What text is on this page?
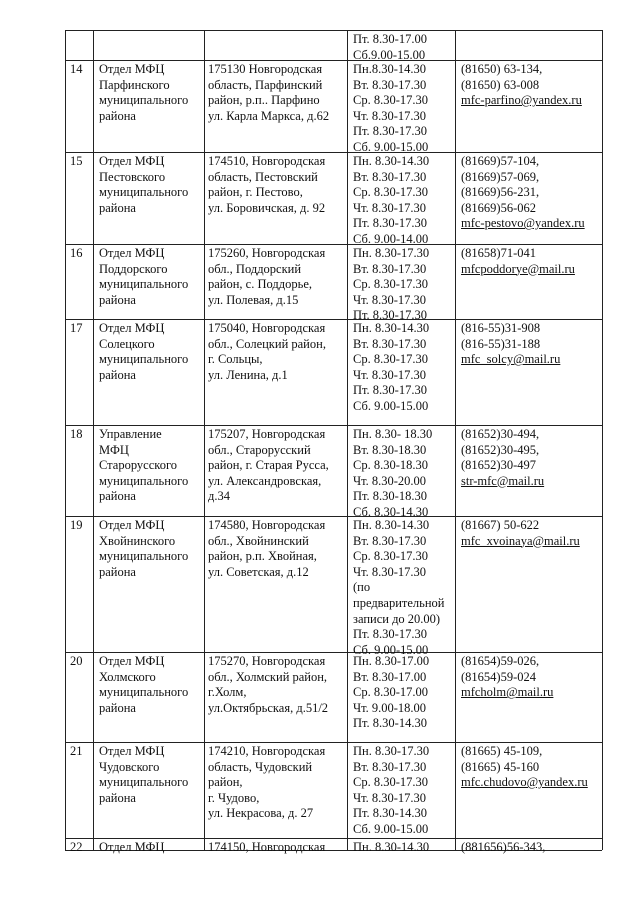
Пт. 8.30-17.00
Сб.9.00-15.00
14 Отдел МФЦ
Парфинского
муниципального
района
175130 Новгородская
область, Парфинский
район, р.п.. Парфино
ул. Карла Маркса, д.62
Пн.8.30-14.30
Вт. 8.30-17.30
Ср. 8.30-17.30
Чт. 8.30-17.30
Пт. 8.30-17.30
Сб. 9.00-15.00
(81650) 63-134,
(81650) 63-008
mfc-parfino@yandex.ru
15 Отдел МФЦ
Пестовского
муниципального
района
174510, Новгородская
область, Пестовский
район, г. Пестово,
ул. Боровичская, д. 92
Пн. 8.30-14.30
Вт. 8.30-17.30
Ср. 8.30-17.30
Чт. 8.30-17.30
Пт. 8.30-17.30
Сб. 9.00-14.00
(81669)57-104,
(81669)57-069,
(81669)56-231,
(81669)56-062
mfc-pestovo@yandex.ru
16 Отдел МФЦ
Поддорского
муниципального
района
175260, Новгородская
обл., Поддорский
район, с. Поддорье,
ул. Полевая, д.15
Пн. 8.30-17.30
Вт. 8.30-17.30
Ср. 8.30-17.30
Чт. 8.30-17.30
Пт. 8.30-17.30
(81658)71-041
mfcpoddorye@mail.ru
17 Отдел МФЦ
Солецкого
муниципального
района
175040, Новгородская
обл., Солецкий район,
г. Сольцы,
ул. Ленина, д.1
Пн. 8.30-14.30
Вт. 8.30-17.30
Ср. 8.30-17.30
Чт. 8.30-17.30
Пт. 8.30-17.30
Сб. 9.00-15.00
(816-55)31-908
(816-55)31-188
mfc_solcy@mail.ru
18 Управление
МФЦ
Старорусского
муниципального
района
175207, Новгородская
обл., Старорусский
район, г. Старая Русса,
ул. Александровская,
д.34
Пн. 8.30- 18.30
Вт. 8.30-18.30
Ср. 8.30-18.30
Чт. 8.30-20.00
Пт. 8.30-18.30
Сб. 8.30-14.30
(81652)30-494,
(81652)30-495,
(81652)30-497
str-mfc@mail.ru
19 Отдел МФЦ
Хвойнинского
муниципального
района
174580, Новгородская
обл., Хвойнинский
район, р.п. Хвойная,
ул. Советская, д.12
Пн. 8.30-14.30
Вт. 8.30-17.30
Ср. 8.30-17.30
Чт. 8.30-17.30
(по
предварительной
записи до 20.00)
Пт. 8.30-17.30
Сб. 9.00-15.00
(81667) 50-622
mfc_xvoinaya@mail.ru
20 Отдел МФЦ
Холмского
муниципального
района
175270, Новгородская
обл., Холмский район,
г.Холм,
ул.Октябрьская, д.51/2
Пн. 8.30-17.00
Вт. 8.30-17.00
Ср. 8.30-17.00
Чт. 9.00-18.00
Пт. 8.30-14.30
(81654)59-026,
(81654)59-024
mfcholm@mail.ru
21 Отдел МФЦ
Чудовского
муниципального
района
174210, Новгородская
область, Чудовский
район,
г. Чудово,
ул. Некрасова, д. 27
Пн. 8.30-17.30
Вт. 8.30-17.30
Ср. 8.30-17.30
Чт. 8.30-17.30
Пт. 8.30-14.30
Сб. 9.00-15.00
(81665) 45-109,
(81665) 45-160
mfc.chudovo@yandex.ru
22 Отдел МФЦ	174150, Новгородская Пн. 8.30-14.30	(881656)56-343,
